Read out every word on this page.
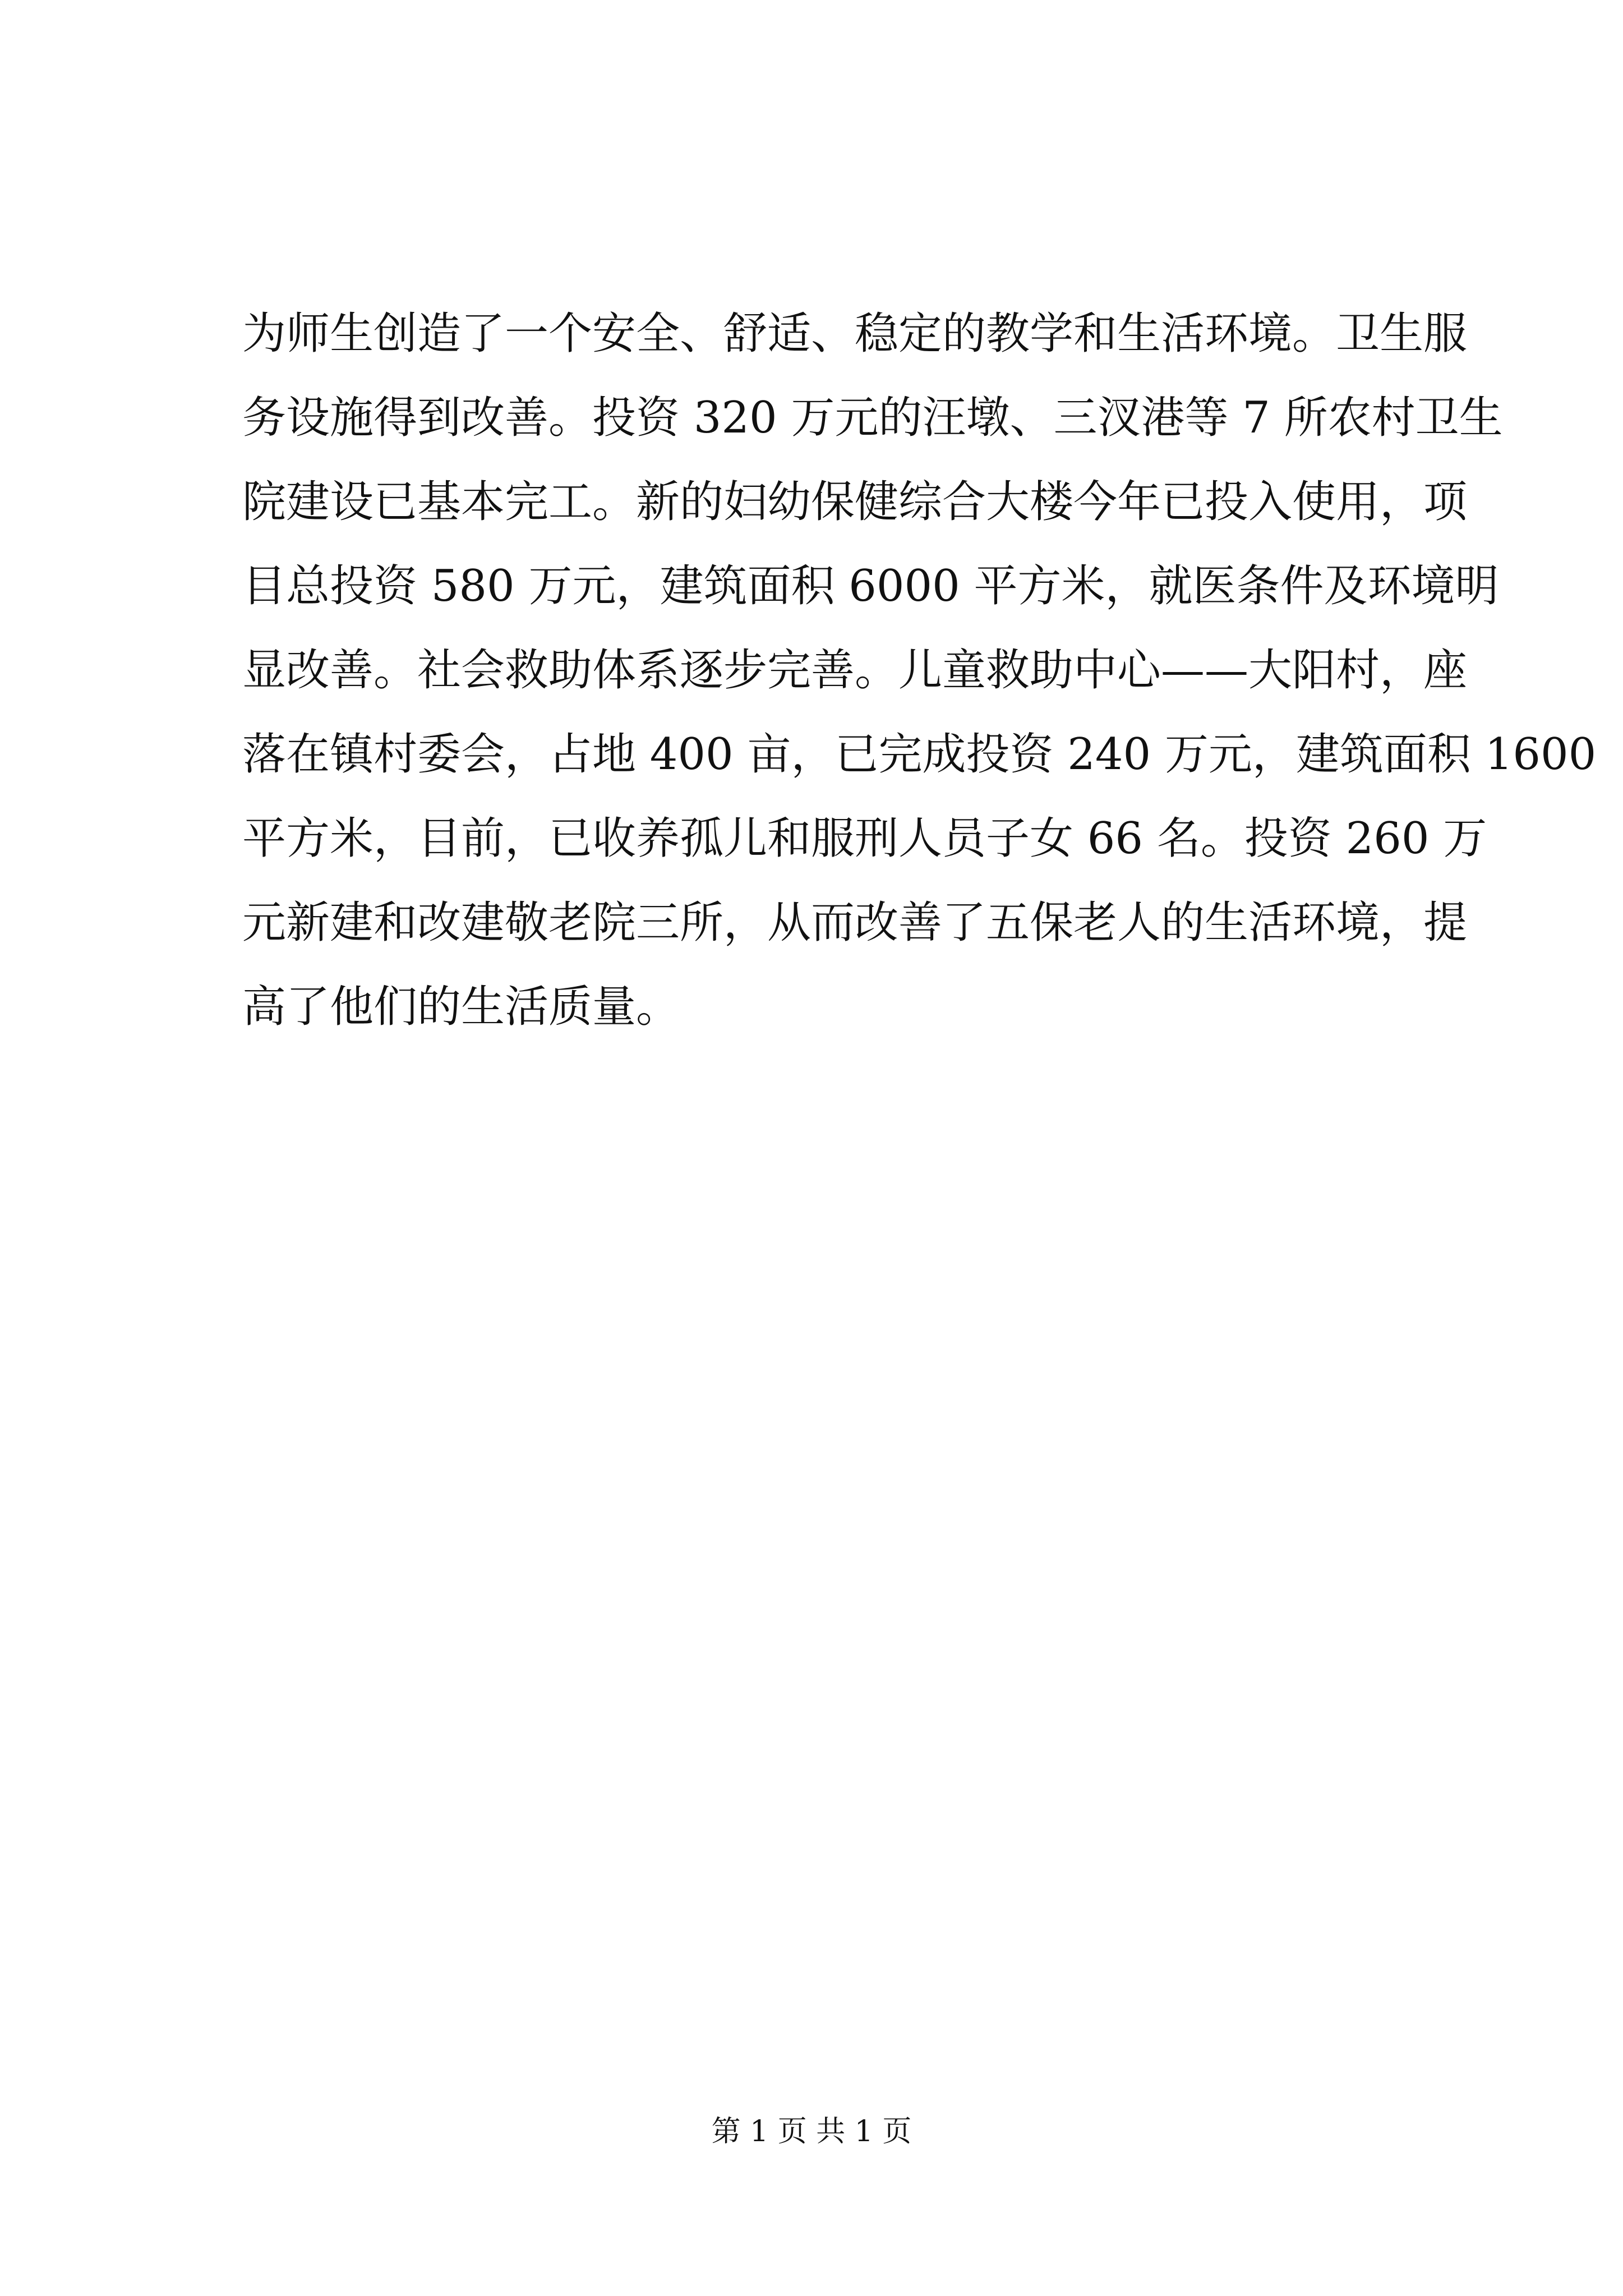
为师生创造了一个安全、舒适、稳定的教学和生活环境。卫生服
务设施得到改善。投资 320 万元的汪墩、三汊港等 7 所农村卫生
院建设已基本完工。新的妇幼保健综合大楼今年已投入使用，项
目总投资 580 万元，建筑面积 6000 平方米，就医条件及环境明
显改善。社会救助体系逐步完善。儿童救助中心——大阳村，座
落在镇村委会，占地 400 亩，已完成投资 240 万元，建筑面积 1600
平方米，目前，已收养孤儿和服刑人员子女 66 名。投资 260 万
元新建和改建敬老院三所，从而改善了五保老人的生活环境，提
高了他们的生活质量。
第 1 页 共 1 页
